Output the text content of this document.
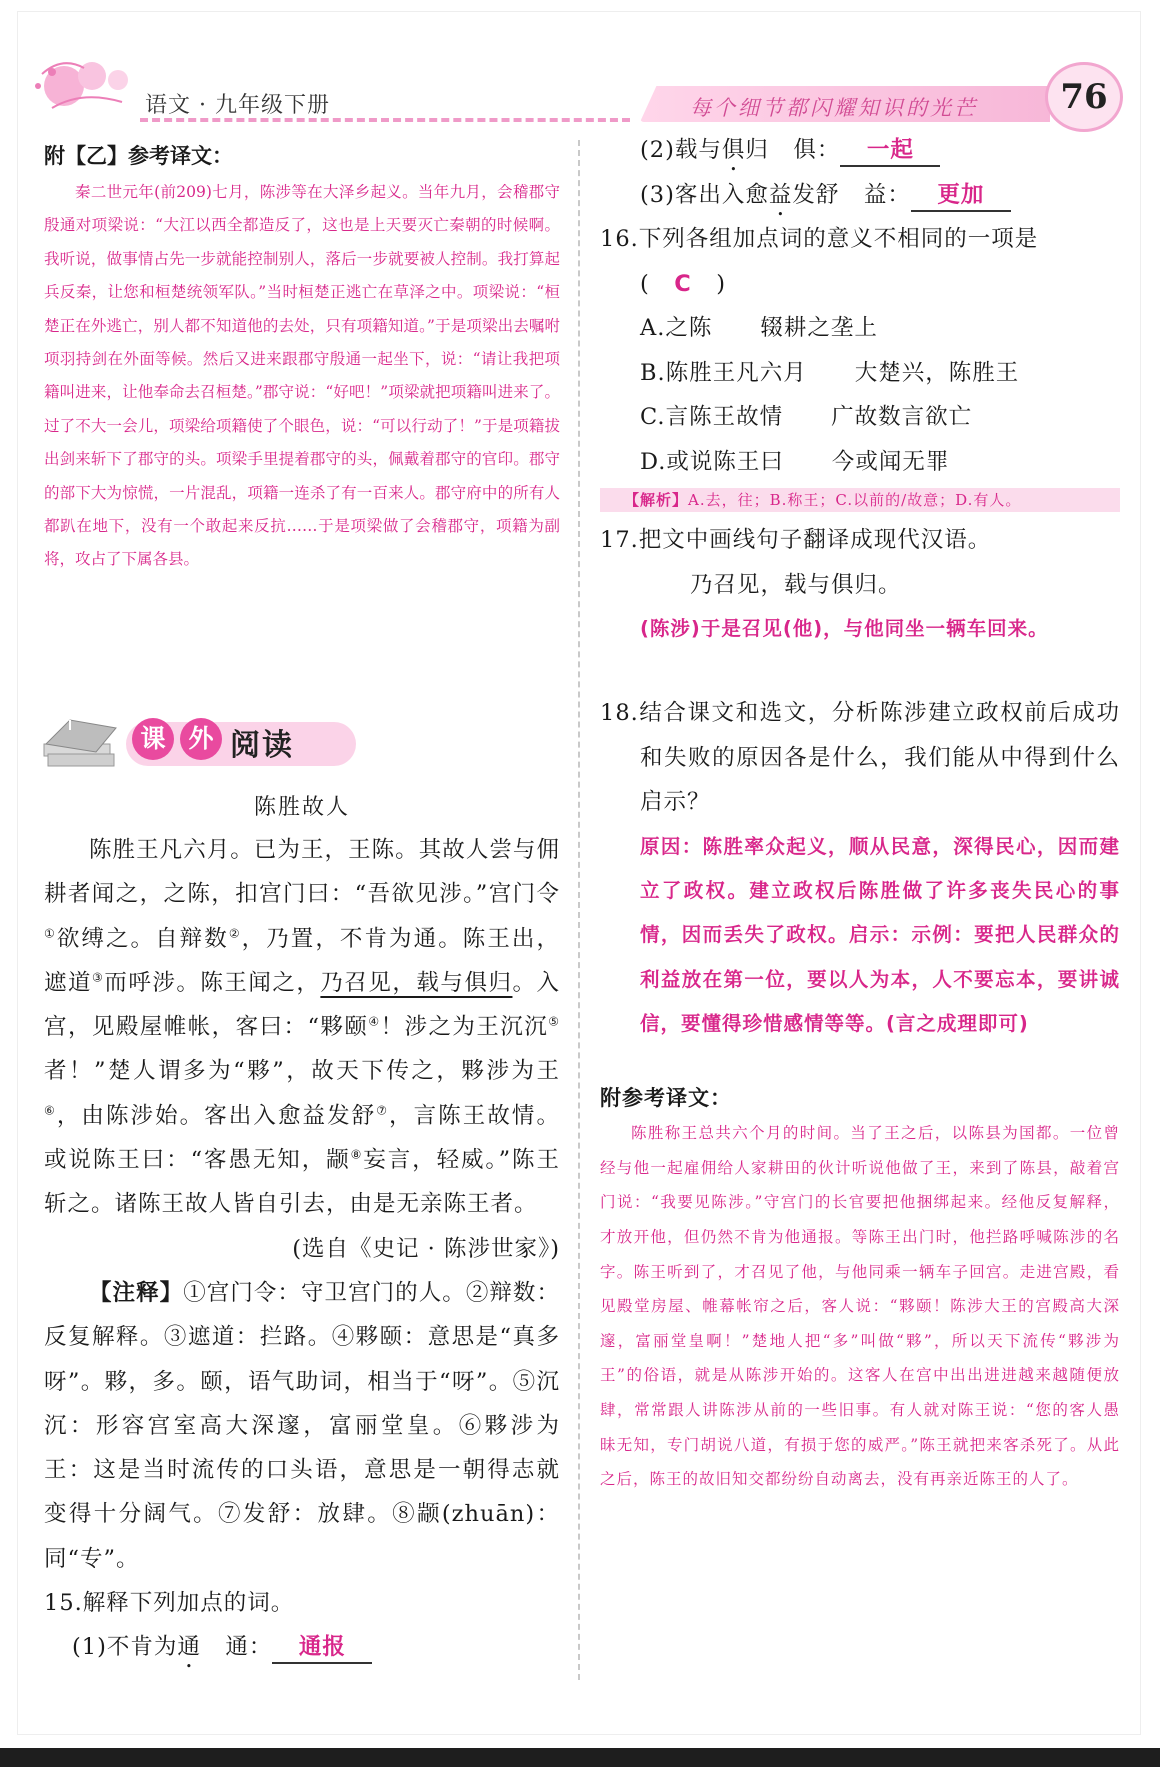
语文 · 九年级下册	每个细节都闪耀知识的光芒	76

附【乙】参考译文：

秦二世元年(前209)七月，陈涉等在大泽乡起义。当年九月，会稽郡守殷通对项梁说：“大江以西全都造反了，这也是上天要灭亡秦朝的时候啊。我听说，做事情占先一步就能控制别人，落后一步就要被人控制。我打算起兵反秦，让您和桓楚统领军队。”当时桓楚正逃亡在草泽之中。项梁说：“桓楚正在外逃亡，别人都不知道他的去处，只有项籍知道。”于是项梁出去嘱咐项羽持剑在外面等候。然后又进来跟郡守殷通一起坐下，说：“请让我把项籍叫进来，让他奉命去召桓楚。”郡守说：“好吧！”项梁就把项籍叫进来了。过了不大一会儿，项梁给项籍使了个眼色，说：“可以行动了！”于是项籍拔出剑来斩下了郡守的头。项梁手里提着郡守的头，佩戴着郡守的官印。郡守的部下大为惊慌，一片混乱，项籍一连杀了有一百来人。郡守府中的所有人都趴在地下，没有一个敢起来反抗……于是项梁做了会稽郡守，项籍为副将，攻占了下属各县。

课 外 阅读
陈胜故人

陈胜王凡六月。已为王，王陈。其故人尝与佣耕者闻之，之陈，扣宫门曰：“吾欲见涉。”宫门令①欲缚之。自辩数②，乃置，不肯为通。陈王出，遮道③而呼涉。陈王闻之，乃召见，载与俱归。入宫，见殿屋帷帐，客曰：“夥颐④！涉之为王沉沉⑤者！”楚人谓多为“夥”，故天下传之，夥涉为王⑥，由陈涉始。客出入愈益发舒⑦，言陈王故情。或说陈王曰：“客愚无知，颛⑧妄言，轻威。”陈王斩之。诸陈王故人皆自引去，由是无亲陈王者。

(选自《史记 · 陈涉世家》)

【注释】①宫门令：守卫宫门的人。②辩数：反复解释。③遮道：拦路。④夥颐：意思是“真多呀”。夥，多。颐，语气助词，相当于“呀”。⑤沉沉：形容宫室高大深邃，富丽堂皇。⑥夥涉为王：这是当时流传的口头语，意思是一朝得志就变得十分阔气。⑦发舒：放肆。⑧颛(zhuān)：同“专”。

15.解释下列加点的词。

(1)不肯为通 通： 通报

(2)载与俱归 俱： 一起
(3)客出入愈益发舒 益： 更加
16.下列各组加点词的意义不相同的一项是
( C )
A.之陈 辍耕之垄上
B.陈胜王凡六月 大楚兴，陈胜王
C.言陈王故情 广故数言欲亡
D.或说陈王曰 今或闻无罪
【解析】A.去，往；B.称王；C.以前的/故意；D.有人。
17.把文中画线句子翻译成现代汉语。
乃召见，载与俱归。
(陈涉)于是召见(他)，与他同坐一辆车回来。
18.结合课文和选文，分析陈涉建立政权前后成功和失败的原因各是什么，我们能从中得到什么启示？
原因：陈胜率众起义，顺从民意，深得民心，因而建立了政权。建立政权后陈胜做了许多丧失民心的事情，因而丢失了政权。启示：示例：要把人民群众的利益放在第一位，要以人为本，人不要忘本，要讲诚信，要懂得珍惜感情等等。(言之成理即可)

附参考译文：

陈胜称王总共六个月的时间。当了王之后，以陈县为国都。一位曾经与他一起雇佣给人家耕田的伙计听说他做了王，来到了陈县，敲着宫门说：“我要见陈涉。”守宫门的长官要把他捆绑起来。经他反复解释，才放开他，但仍然不肯为他通报。等陈王出门时，他拦路呼喊陈涉的名字。陈王听到了，才召见了他，与他同乘一辆车子回宫。走进宫殿，看见殿堂房屋、帷幕帐帘之后，客人说：“夥颐！陈涉大王的宫殿高大深邃，富丽堂皇啊！”楚地人把“多”叫做“夥”，所以天下流传“夥涉为王”的俗语，就是从陈涉开始的。这客人在宫中出出进进越来越随便放肆，常常跟人讲陈涉从前的一些旧事。有人就对陈王说：“您的客人愚昧无知，专门胡说八道，有损于您的威严。”陈王就把来客杀死了。从此之后，陈王的故旧知交都纷纷自动离去，没有再亲近陈王的人了。
